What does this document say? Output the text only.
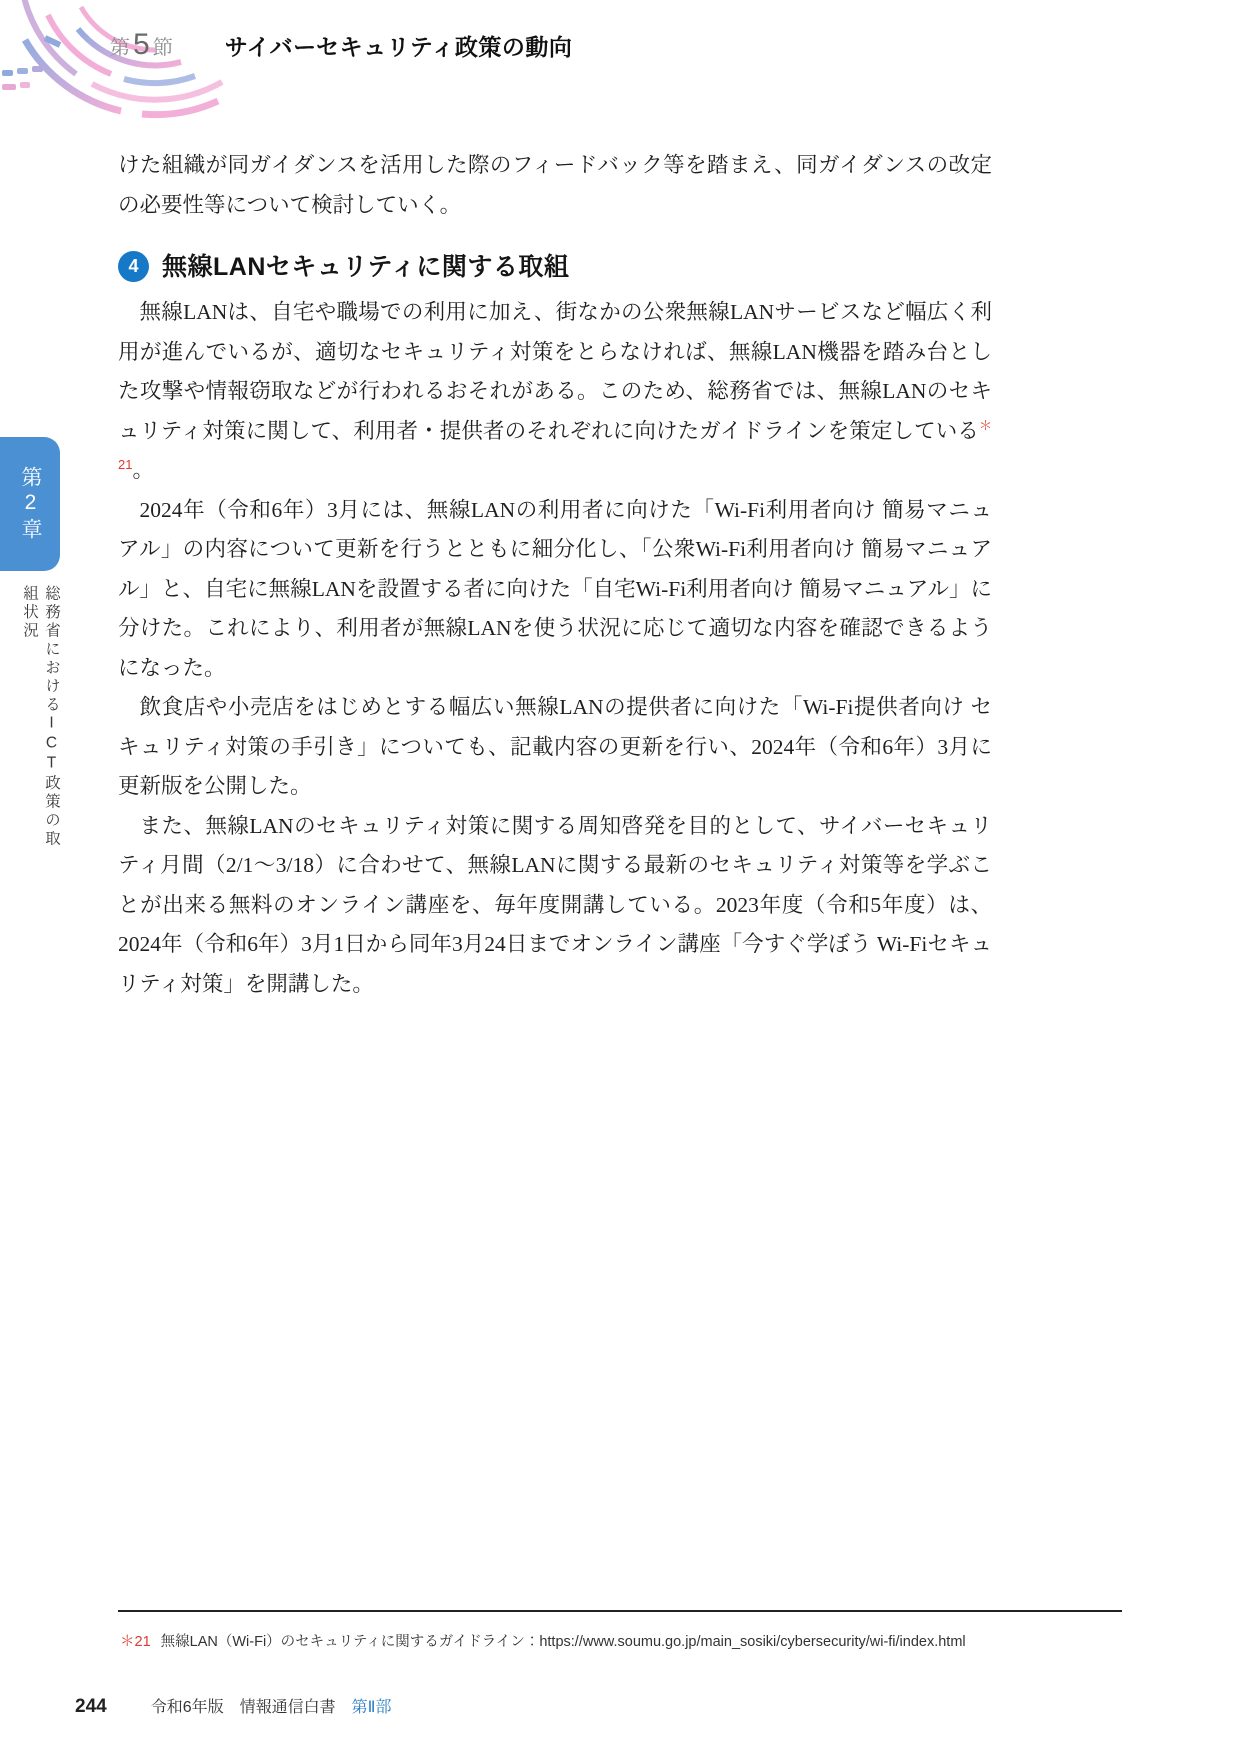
第 5 節 サイバーセキュリティ政策の動向
第2章
総務省におけるICT政策の取組状況

けた組織が同ガイダンスを活用した際のフィードバック等を踏まえ、同ガイダンスの改定の必要性等について検討していく。

4 無線LANセキュリティに関する取組

無線LANは、自宅や職場での利用に加え、街なかの公衆無線LANサービスなど幅広く利用が進んでいるが、適切なセキュリティ対策をとらなければ、無線LAN機器を踏み台とした攻撃や情報窃取などが行われるおそれがある。このため、総務省では、無線LANのセキュリティ対策に関して、利用者・提供者のそれぞれに向けたガイドラインを策定している$^{*21}$。

2024年（令和6年）3月には、無線LANの利用者に向けた「Wi-Fi利用者向け 簡易マニュアル」の内容について更新を行うとともに細分化し、「公衆Wi-Fi利用者向け 簡易マニュアル」と、自宅に無線LANを設置する者に向けた「自宅Wi-Fi利用者向け 簡易マニュアル」に分けた。これにより、利用者が無線LANを使う状況に応じて適切な内容を確認できるようになった。

飲食店や小売店をはじめとする幅広い無線LANの提供者に向けた「Wi-Fi提供者向け セキュリティ対策の手引き」についても、記載内容の更新を行い、2024年（令和6年）3月に更新版を公開した。

また、無線LANのセキュリティ対策に関する周知啓発を目的として、サイバーセキュリティ月間（2/1～3/18）に合わせて、無線LANに関する最新のセキュリティ対策等を学ぶことが出来る無料のオンライン講座を、毎年度開講している。2023年度（令和5年度）は、2024年（令和6年）3月1日から同年3月24日までオンライン講座「今すぐ学ぼう Wi-Fiセキュリティ対策」を開講した。

＊21 無線LAN（Wi-Fi）のセキュリティに関するガイドライン：https://www.soumu.go.jp/main_sosiki/cybersecurity/wi-fi/index.html
244	令和6年版　情報通信白書 第Ⅱ部
